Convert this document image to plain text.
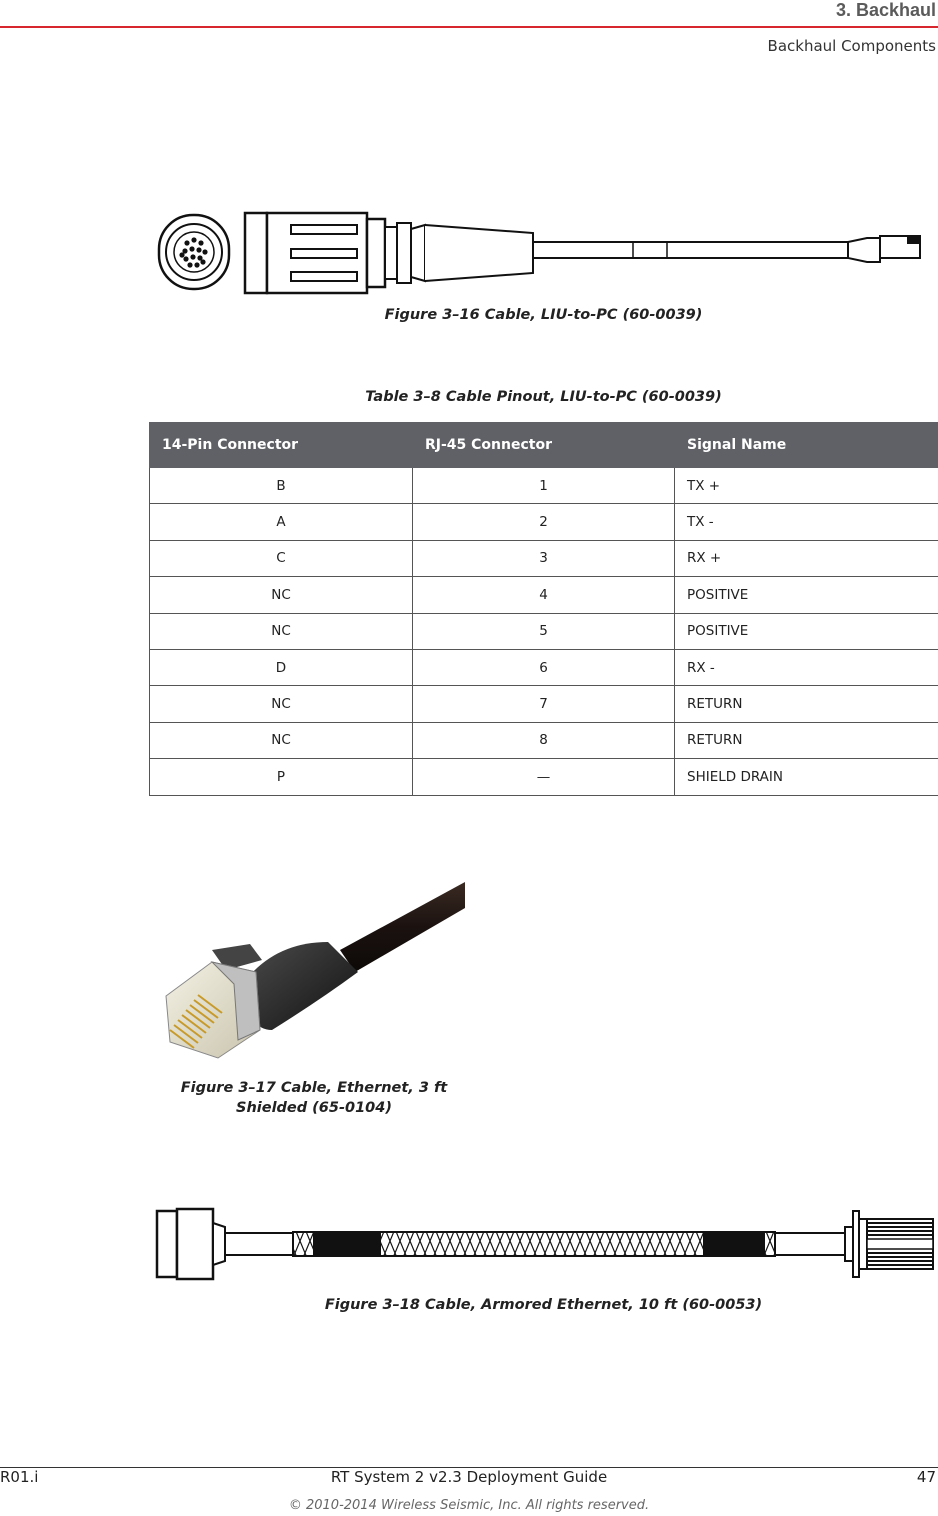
3. Backhaul
Backhaul Components
Figure 3–16 Cable, LIU-to-PC (60-0039)
Table 3–8 Cable Pinout, LIU-to-PC (60-0039)
14-Pin Connector	RJ-45 Connector	Signal Name
B	1	TX +
A	2	TX -
C	3	RX +
NC	4	POSITIVE
NC	5	POSITIVE
D	6	RX -
NC	7	RETURN
NC	8	RETURN
P	—	SHIELD DRAIN
Figure 3–17 Cable, Ethernet, 3 ft
Shielded (65-0104)
Figure 3–18 Cable, Armored Ethernet, 10 ft (60-0053)
R01.i	RT System 2 v2.3 Deployment Guide	47
© 2010-2014 Wireless Seismic, Inc. All rights reserved.
